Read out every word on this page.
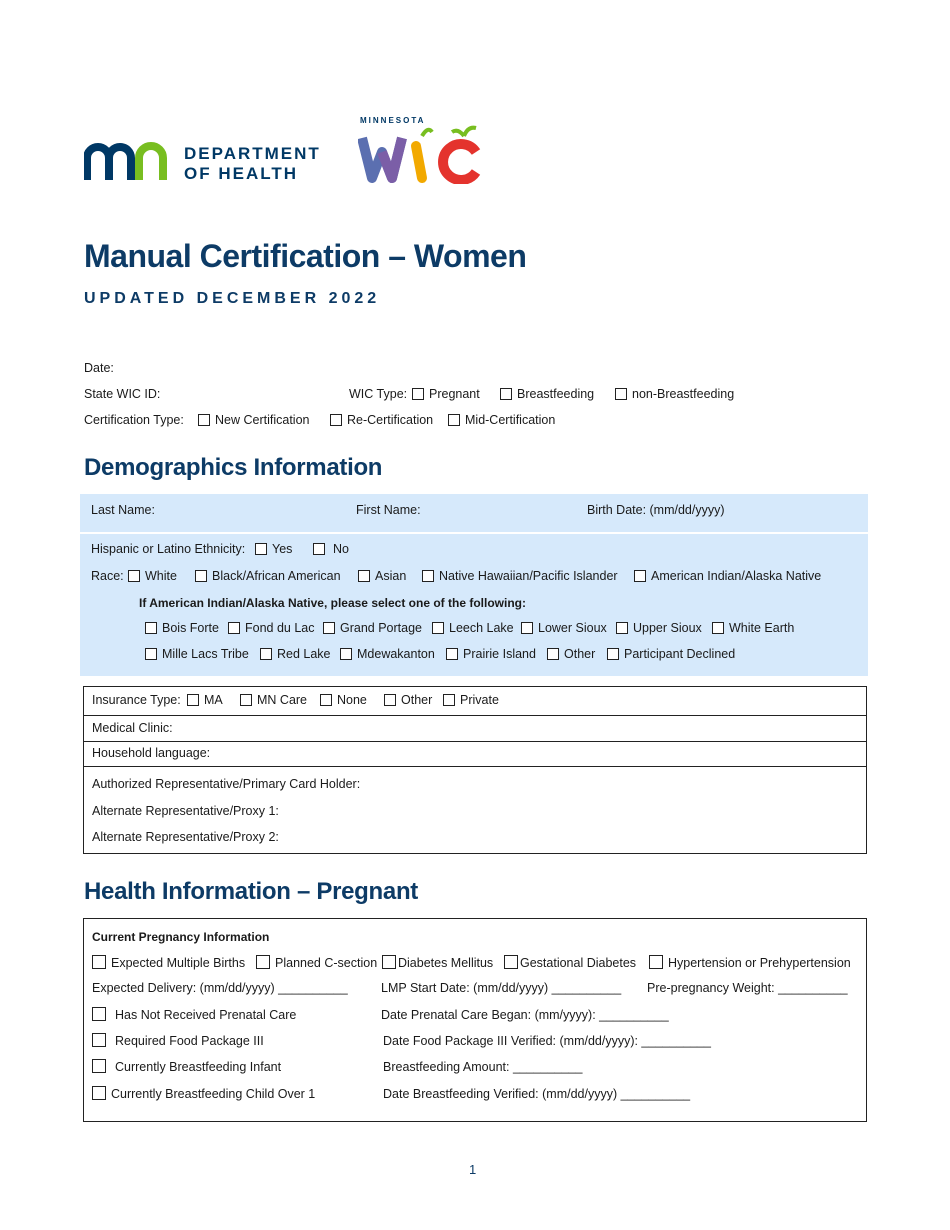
DEPARTMENT
OF HEALTH
MINNESOTA
Manual Certification – Women
UPDATED DECEMBER 2022
Date:
State WIC ID:	WIC Type:	Pregnant	Breastfeeding	non-Breastfeeding
Certification Type:	New Certification	Re-Certification	Mid-Certification
Demographics Information
Last Name:	First Name:	Birth Date: (mm/dd/yyyy)
Hispanic or Latino Ethnicity:	Yes	No
Race:	White	Black/African American	Asian	Native Hawaiian/Pacific Islander	American Indian/Alaska Native
If American Indian/Alaska Native, please select one of the following:
Bois Forte	Fond du Lac	Grand Portage	Leech Lake	Lower Sioux	Upper Sioux	White Earth
Mille Lacs Tribe	Red Lake	Mdewakanton	Prairie Island	Other	Participant Declined
Insurance Type:	MA	MN Care	None	Other	Private
Medical Clinic:
Household language:
Authorized Representative/Primary Card Holder:
Alternate Representative/Proxy 1:
Alternate Representative/Proxy 2:
Health Information – Pregnant
Current Pregnancy Information
Expected Multiple Births	Planned C-section	Diabetes Mellitus	Gestational Diabetes	Hypertension or Prehypertension
Expected Delivery: (mm/dd/yyyy) __________	LMP Start Date: (mm/dd/yyyy) __________ Pre-pregnancy Weight: __________
Has Not Received Prenatal Care	Date Prenatal Care Began: (mm/yyyy): __________
Required Food Package III	Date Food Package III Verified: (mm/dd/yyyy): __________
Currently Breastfeeding Infant	Breastfeeding Amount: __________
Currently Breastfeeding Child Over 1	Date Breastfeeding Verified: (mm/dd/yyyy) __________
1
